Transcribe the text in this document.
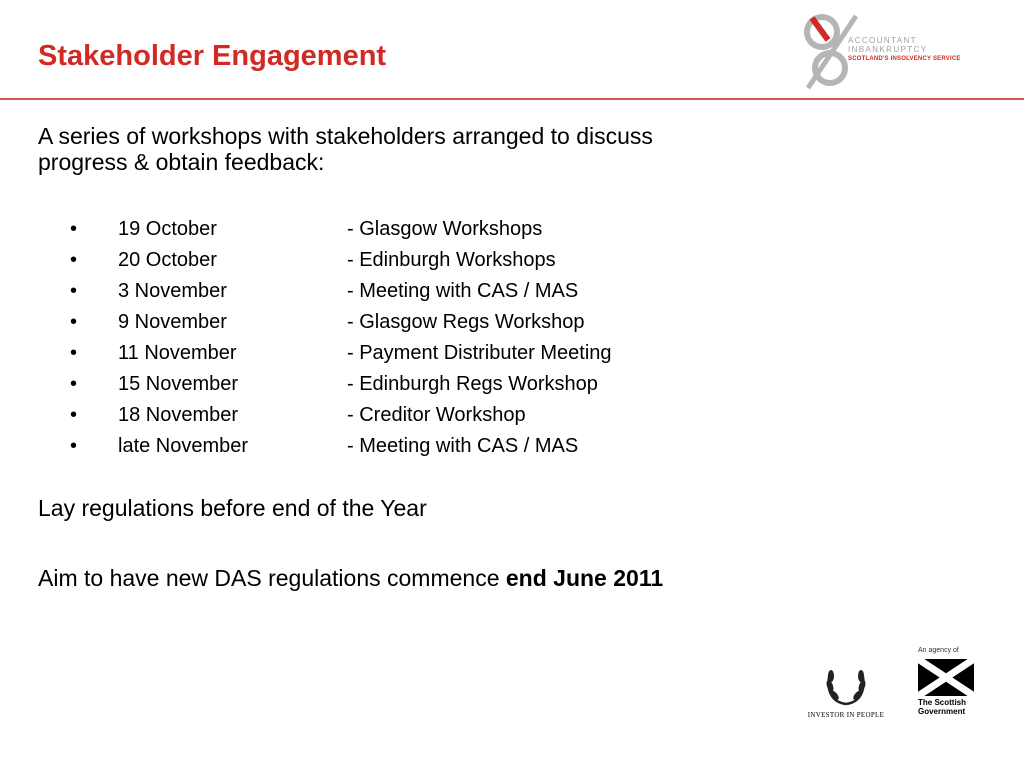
Stakeholder Engagement	ACCOUNTANT
INBANKRUPTCY
SCOTLAND'S INSOLVENCY SERVICE

A series of workshops with stakeholders arranged to discuss progress & obtain feedback:

• 19 October	- Glasgow Workshops
• 20 October	- Edinburgh Workshops
• 3 November	- Meeting with CAS / MAS
• 9 November	- Glasgow Regs Workshop
• 11 November	- Payment Distributer Meeting
• 15 November	- Edinburgh Regs Workshop
• 18 November	- Creditor Workshop
• late November	- Meeting with CAS / MAS

Lay regulations before end of the Year

Aim to have new DAS regulations commence end June 2011

INVESTOR IN PEOPLE
An agency of
The Scottish
Government
